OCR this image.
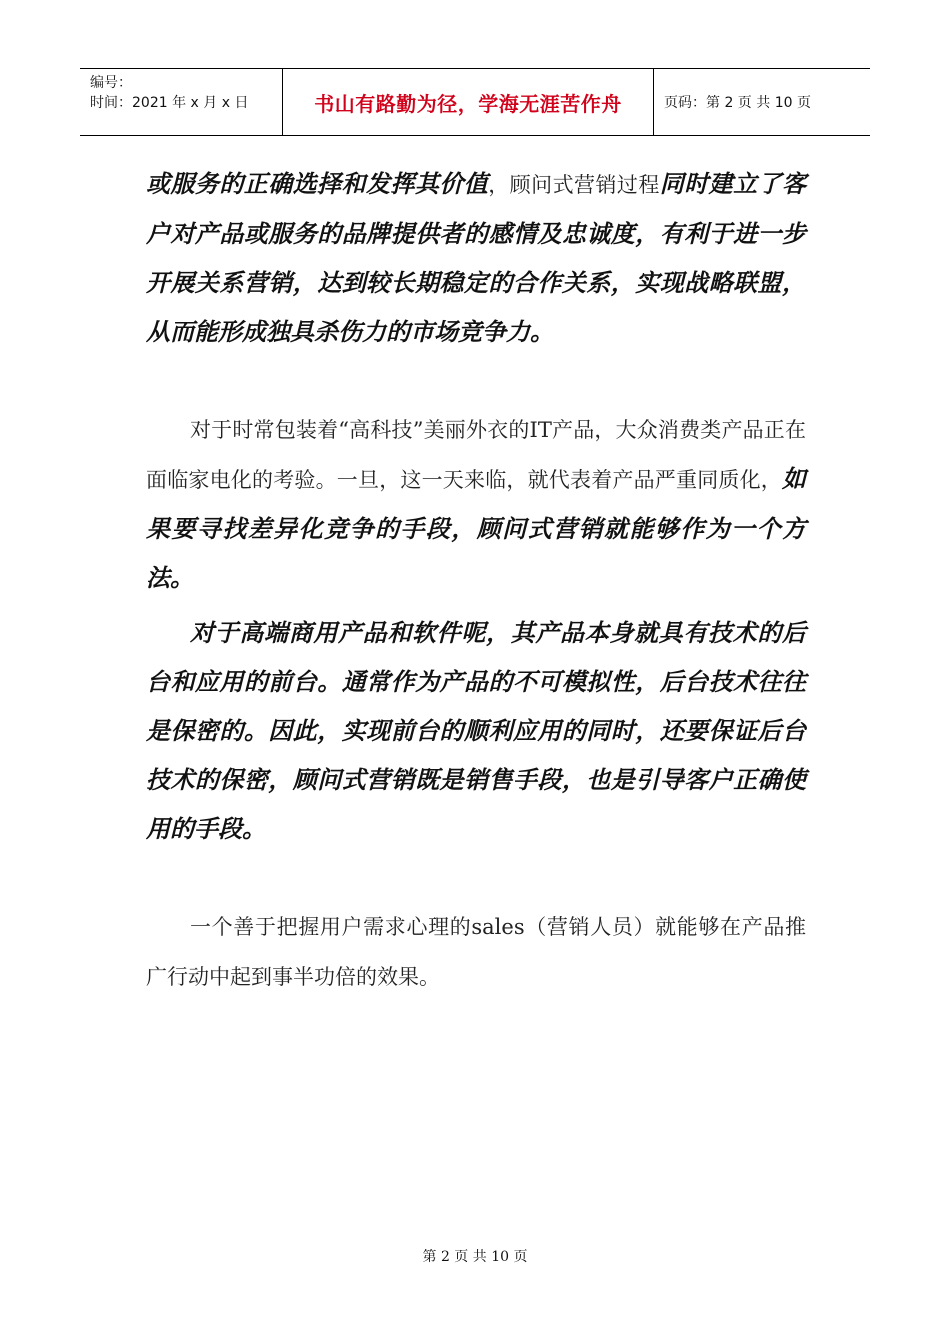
编号：
时间：2021 年 x 月 x 日	书山有路勤为径，学海无涯苦作舟	页码：第 2 页 共 10 页

或服务的正确选择和发挥其价值，顾问式营销过程同时建立了客户对产品或服务的品牌提供者的感情及忠诚度，有利于进一步开展关系营销，达到较长期稳定的合作关系，实现战略联盟，从而能形成独具杀伤力的市场竞争力。

对于时常包装着“高科技”美丽外衣的IT产品，大众消费类产品正在面临家电化的考验。一旦，这一天来临，就代表着产品严重同质化，如果要寻找差异化竞争的手段，顾问式营销就能够作为一个方法。

对于高端商用产品和软件呢，其产品本身就具有技术的后台和应用的前台。通常作为产品的不可模拟性，后台技术往往是保密的。因此，实现前台的顺利应用的同时，还要保证后台技术的保密，顾问式营销既是销售手段，也是引导客户正确使用的手段。

一个善于把握用户需求心理的sales（营销人员）就能够在产品推广行动中起到事半功倍的效果。

第 2 页 共 10 页
